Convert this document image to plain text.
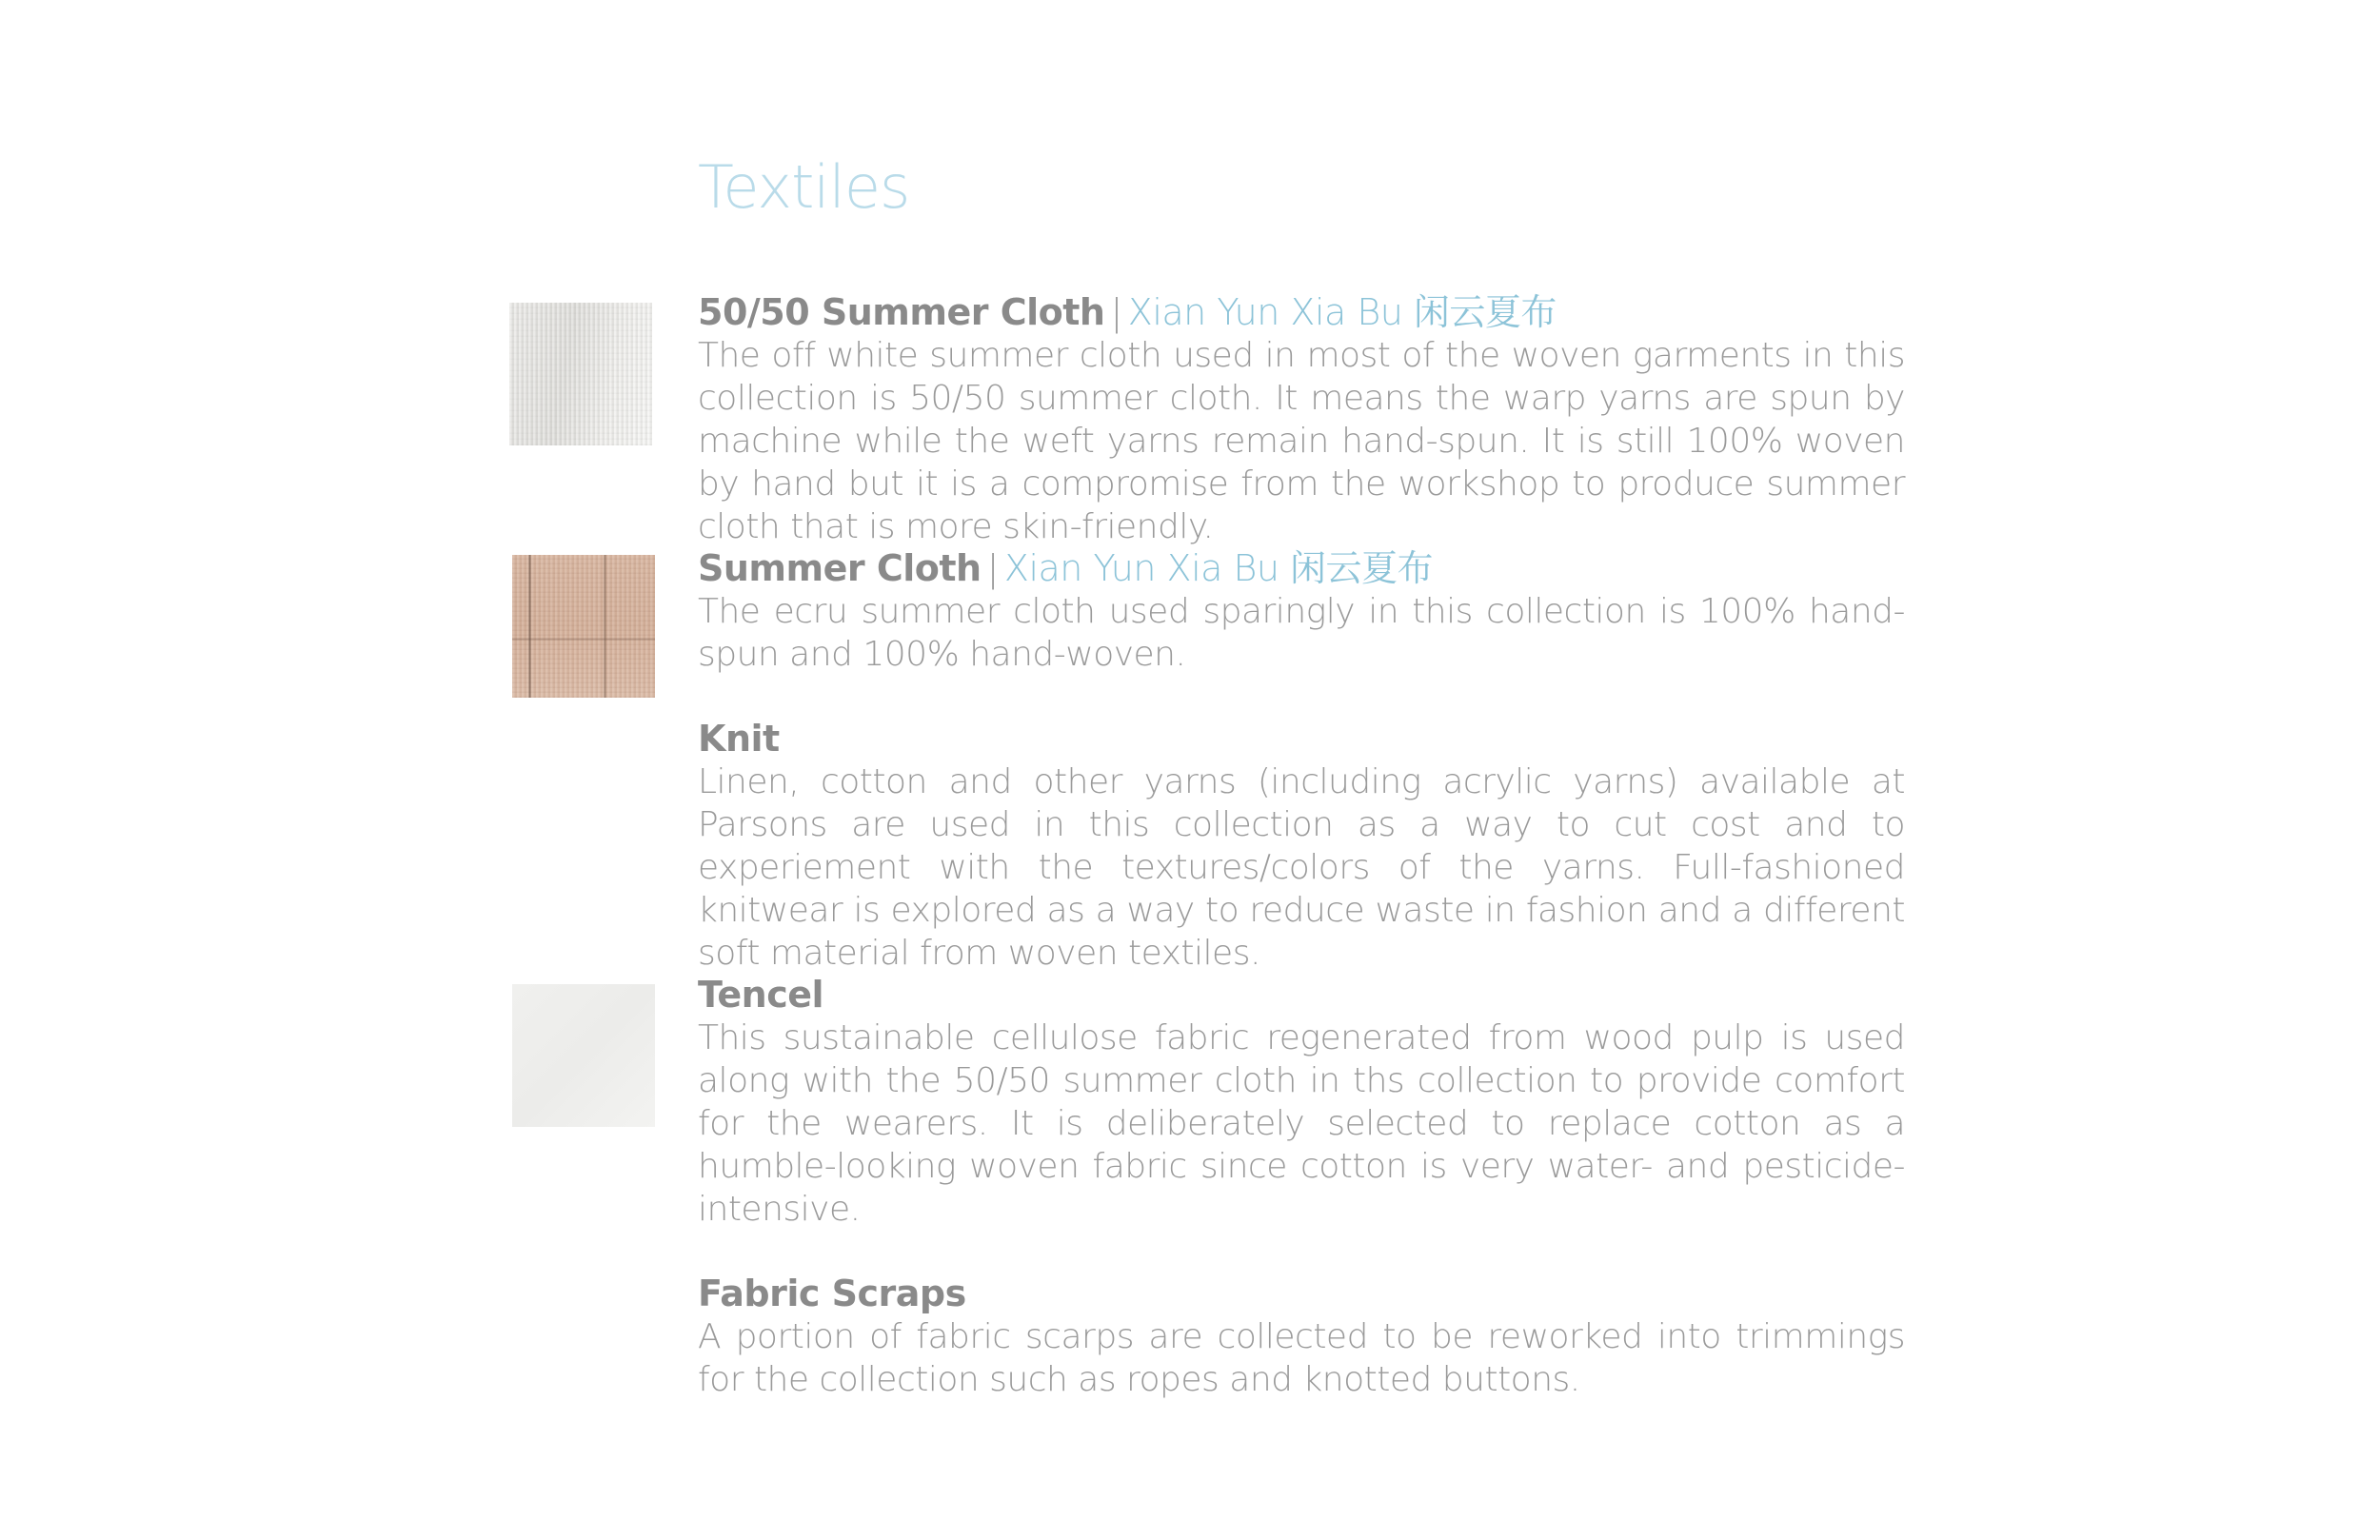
Textiles
50/50 Summer Cloth | Xian Yun Xia Bu 闲云夏布

The off white summer cloth used in most of the woven garments in this collection is 50/50 summer cloth. It means the warp yarns are spun by machine while the weft yarns remain hand-spun. It is still 100% woven by hand but it is a compromise from the workshop to produce summer cloth that is more skin-friendly.

Summer Cloth | Xian Yun Xia Bu 闲云夏布

The ecru summer cloth used sparingly in this collection is 100% hand-spun and 100% hand-woven.

Knit

Linen, cotton and other yarns (including acrylic yarns) available at Parsons are used in this collection as a way to cut cost and to experiement with the textures/colors of the yarns. Full-fashioned knitwear is explored as a way to reduce waste in fashion and a different soft material from woven textiles.

Tencel

This sustainable cellulose fabric regenerated from wood pulp is used along with the 50/50 summer cloth in ths collection to provide comfort for the wearers. It is deliberately selected to replace cotton as a humble-looking woven fabric since cotton is very water- and pesticide-intensive.

Fabric Scraps

A portion of fabric scarps are collected to be reworked into trimmings for the collection such as ropes and knotted buttons.
